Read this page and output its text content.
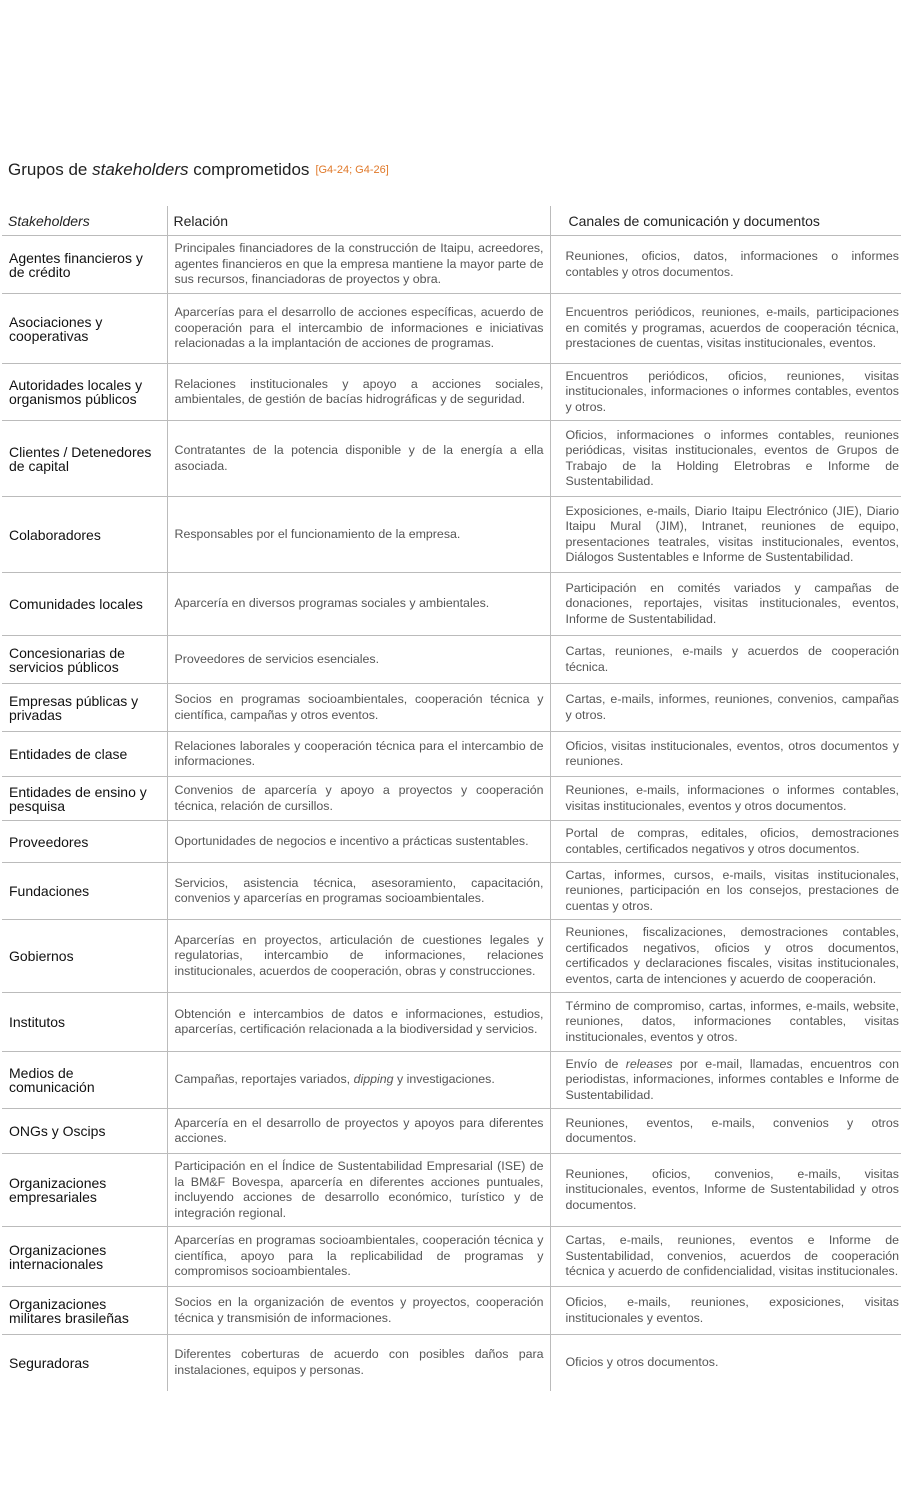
Grupos de stakeholders comprometidos [G4-24; G4-26]
Stakeholders	Relación	Canales de comunicación y documentos
Agentes financieros y de crédito	Principales financiadores de la construcción de Itaipu, acreedores, agentes financieros en que la empresa mantiene la mayor parte de sus recursos, financiadoras de proyectos y obra.	Reuniones, oficios, datos, informaciones o informes contables y otros documentos.
Asociaciones y cooperativas	Aparcerías para el desarrollo de acciones específicas, acuerdo de cooperación para el intercambio de informaciones e iniciativas relacionadas a la implantación de acciones de programas.	Encuentros periódicos, reuniones, e-mails, participaciones en comités y programas, acuerdos de cooperación técnica, prestaciones de cuentas, visitas institucionales, eventos.
Autoridades locales y organismos públicos	Relaciones institucionales y apoyo a acciones sociales, ambientales, de gestión de bacías hidrográficas y de seguridad.	Encuentros periódicos, oficios, reuniones, visitas institucionales, informaciones o informes contables, eventos y otros.
Clientes / Detenedores de capital	Contratantes de la potencia disponible y de la energía a ella asociada.	Oficios, informaciones o informes contables, reuniones periódicas, visitas institucionales, eventos de Grupos de Trabajo de la Holding Eletrobras e Informe de Sustentabilidad.
Colaboradores	Responsables por el funcionamiento de la empresa.	Exposiciones, e-mails, Diario Itaipu Electrónico (JIE), Diario Itaipu Mural (JIM), Intranet, reuniones de equipo, presentaciones teatrales, visitas institucionales, eventos, Diálogos Sustentables e Informe de Sustentabilidad.
Comunidades locales	Aparcería en diversos programas sociales y ambientales.	Participación en comités variados y campañas de donaciones, reportajes, visitas institucionales, eventos, Informe de Sustentabilidad.
Concesionarias de servicios públicos	Proveedores de servicios esenciales.	Cartas, reuniones, e-mails y acuerdos de cooperación técnica.
Empresas públicas y privadas	Socios en programas socioambientales, cooperación técnica y científica, campañas y otros eventos.	Cartas, e-mails, informes, reuniones, convenios, campañas y otros.
Entidades de clase	Relaciones laborales y cooperación técnica para el intercambio de informaciones.	Oficios, visitas institucionales, eventos, otros documentos y reuniones.
Entidades de ensino y pesquisa	Convenios de aparcería y apoyo a proyectos y cooperación técnica, relación de cursillos.	Reuniones, e-mails, informaciones o informes contables, visitas institucionales, eventos y otros documentos.
Proveedores	Oportunidades de negocios e incentivo a prácticas sustentables.	Portal de compras, editales, oficios, demostraciones contables, certificados negativos y otros documentos.
Fundaciones	Servicios, asistencia técnica, asesoramiento, capacitación, convenios y aparcerías en programas socioambientales.	Cartas, informes, cursos, e-mails, visitas institucionales, reuniones, participación en los consejos, prestaciones de cuentas y otros.
Gobiernos	Aparcerías en proyectos, articulación de cuestiones legales y regulatorias, intercambio de informaciones, relaciones institucionales, acuerdos de cooperación, obras y construcciones.	Reuniones, fiscalizaciones, demostraciones contables, certificados negativos, oficios y otros documentos, certificados y declaraciones fiscales, visitas institucionales, eventos, carta de intenciones y acuerdo de cooperación.
Institutos	Obtención e intercambios de datos e informaciones, estudios, aparcerías, certificación relacionada a la biodiversidad y servicios.	Término de compromiso, cartas, informes, e-mails, website, reuniones, datos, informaciones contables, visitas institucionales, eventos y otros.
Medios de comunicación	Campañas, reportajes variados, dipping y investigaciones.	Envío de releases por e-mail, llamadas, encuentros con periodistas, informaciones, informes contables e Informe de Sustentabilidad.
ONGs y Oscips	Aparcería en el desarrollo de proyectos y apoyos para diferentes acciones.	Reuniones, eventos, e-mails, convenios y otros documentos.
Organizaciones empresariales	Participación en el Índice de Sustentabilidad Empresarial (ISE) de la BM&F Bovespa, aparcería en diferentes acciones puntuales, incluyendo acciones de desarrollo económico, turístico y de integración regional.	Reuniones, oficios, convenios, e-mails, visitas institucionales, eventos, Informe de Sustentabilidad y otros documentos.
Organizaciones internacionales	Aparcerías en programas socioambientales, cooperación técnica y científica, apoyo para la replicabilidad de programas y compromisos socioambientales.	Cartas, e-mails, reuniones, eventos e Informe de Sustentabilidad, convenios, acuerdos de cooperación técnica y acuerdo de confidencialidad, visitas institucionales.
Organizaciones militares brasileñas	Socios en la organización de eventos y proyectos, cooperación técnica y transmisión de informaciones.	Oficios, e-mails, reuniones, exposiciones, visitas institucionales y eventos.
Seguradoras	Diferentes coberturas de acuerdo con posibles daños para instalaciones, equipos y personas.	Oficios y otros documentos.
